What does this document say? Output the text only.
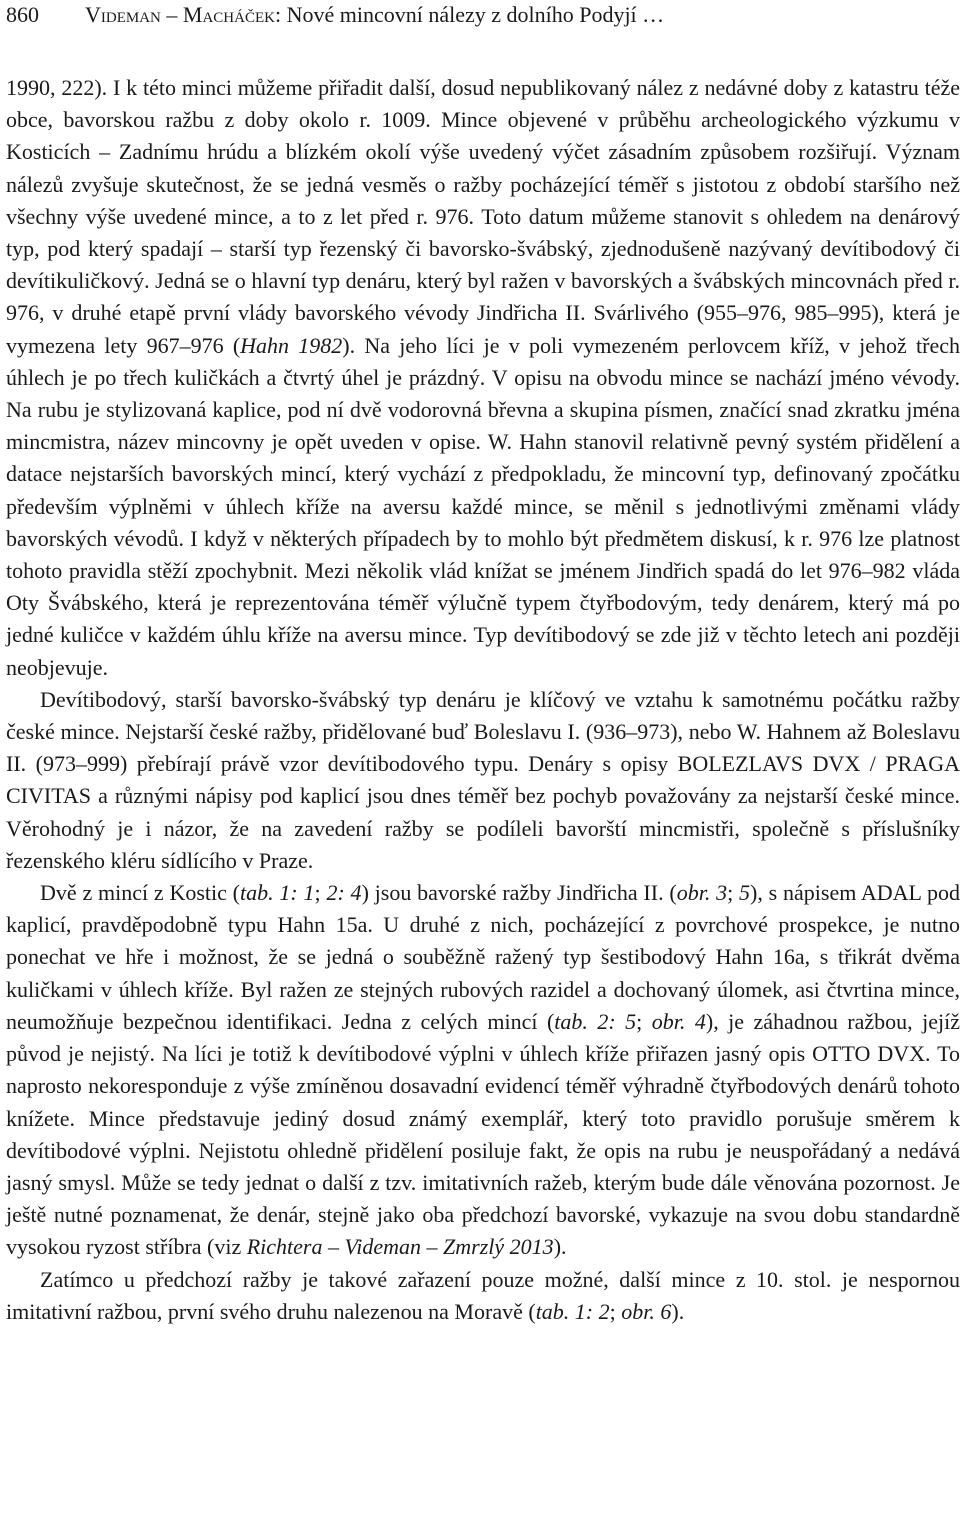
860 Videman – Macháček: Nové mincovní nálezy z dolního Podyjí …

1990, 222). I k této minci můžeme přiřadit další, dosud nepublikovaný nález z nedávné doby z katastru téže obce, bavorskou ražbu z doby okolo r. 1009. Mince objevené v průběhu archeologického výzkumu v Kosticích – Zadnímu hrúdu a blízkém okolí výše uvedený výčet zásadním způsobem rozšiřují. Význam nálezů zvyšuje skutečnost, že se jedná vesměs o ražby pocházející téměř s jistotou z období staršího než všechny výše uvedené mince, a to z let před r. 976. Toto datum můžeme stanovit s ohledem na denárový typ, pod který spadají – starší typ řezenský či bavorsko-švábský, zjednodušeně nazývaný devítibodový či devítikuličkový. Jedná se o hlavní typ denáru, který byl ražen v bavorských a švábských mincovnách před r. 976, v druhé etapě první vlády bavorského vévody Jindřicha II. Svárlivého (955–976, 985–995), která je vymezena lety 967–976 (Hahn 1982). Na jeho líci je v poli vymezeném perlovcem kříž, v jehož třech úhlech je po třech kuličkách a čtvrtý úhel je prázdný. V opisu na obvodu mince se nachází jméno vévody. Na rubu je stylizovaná kaplice, pod ní dvě vodorovná břevna a skupina písmen, značící snad zkratku jména mincmistra, název mincovny je opět uveden v opise. W. Hahn stanovil relativně pevný systém přidělení a datace nejstarších bavorských mincí, který vychází z předpokladu, že mincovní typ, definovaný zpočátku především výplněmi v úhlech kříže na aversu každé mince, se měnil s jednotlivými změnami vlády bavorských vévodů. I když v některých případech by to mohlo být předmětem diskusí, k r. 976 lze platnost tohoto pravidla stěží zpochybnit. Mezi několik vlád knížat se jménem Jindřich spadá do let 976–982 vláda Oty Švábského, která je reprezentována téměř výlučně typem čtyřbodovým, tedy denárem, který má po jedné kuličce v každém úhlu kříže na aversu mince. Typ devítibodový se zde již v těchto letech ani později neobjevuje.

Devítibodový, starší bavorsko-švábský typ denáru je klíčový ve vztahu k samotnému počátku ražby české mince. Nejstarší české ražby, přidělované buď Boleslavu I. (936–973), nebo W. Hahnem až Boleslavu II. (973–999) přebírají právě vzor devítibodového typu. Denáry s opisy BOLEZLAVS DVX / PRAGA CIVITAS a různými nápisy pod kaplicí jsou dnes téměř bez pochyb považovány za nejstarší české mince. Věrohodný je i názor, že na zavedení ražby se podíleli bavorští mincmistři, společně s příslušníky řezenského kléru sídlícího v Praze.

Dvě z mincí z Kostic (tab. 1: 1; 2: 4) jsou bavorské ražby Jindřicha II. (obr. 3; 5), s nápisem ADAL pod kaplicí, pravděpodobně typu Hahn 15a. U druhé z nich, pocházející z povrchové prospekce, je nutno ponechat ve hře i možnost, že se jedná o souběžně ražený typ šestibodový Hahn 16a, s třikrát dvěma kuličkami v úhlech kříže. Byl ražen ze stejných rubových razidel a dochovaný úlomek, asi čtvrtina mince, neumožňuje bezpečnou identifikaci. Jedna z celých mincí (tab. 2: 5; obr. 4), je záhadnou ražbou, jejíž původ je nejistý. Na líci je totiž k devítibodové výplni v úhlech kříže přiřazen jasný opis OTTO DVX. To naprosto nekoresponduje z výše zmíněnou dosavadní evidencí téměř výhradně čtyřbodových denárů tohoto knížete. Mince představuje jediný dosud známý exemplář, který toto pravidlo porušuje směrem k devítibodové výplni. Nejistotu ohledně přidělení posiluje fakt, že opis na rubu je neuspořádaný a nedává jasný smysl. Může se tedy jednat o další z tzv. imitativních ražeb, kterým bude dále věnována pozornost. Je ještě nutné poznamenat, že denár, stejně jako oba předchozí bavorské, vykazuje na svou dobu standardně vysokou ryzost stříbra (viz Richtera – Videman – Zmrzlý 2013).

Zatímco u předchozí ražby je takové zařazení pouze možné, další mince z 10. stol. je nespornou imitativní ražbou, první svého druhu nalezenou na Moravě (tab. 1: 2; obr. 6).
